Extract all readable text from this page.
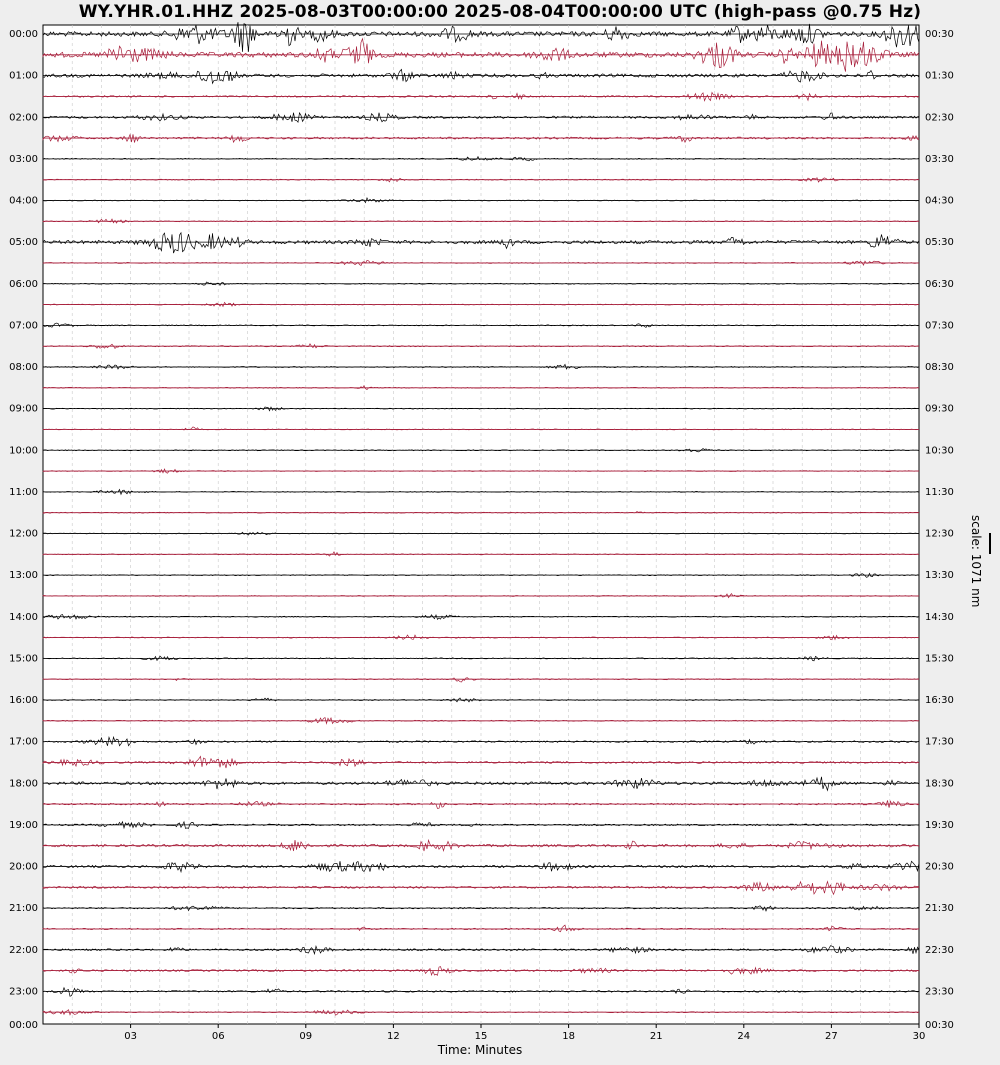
WY.YHR.01.HHZ 2025-08-03T00:00:00 2025-08-04T00:00:00 UTC (high-pass @0.75 Hz)
00:00
01:00
02:00
03:00
04:00
05:00
06:00
07:00
08:00
09:00
10:00
11:00
12:00
13:00
14:00
15:00
16:00
17:00
18:00
19:00
20:00
21:00
22:00
23:00
00:00
00:30
01:30
02:30
03:30
04:30
05:30
06:30
07:30
08:30
09:30
10:30
11:30
12:30
13:30
14:30
15:30
16:30
17:30
18:30
19:30
20:30
21:30
22:30
23:30
00:30
03	06	09	12	15	18	21	24	27	30
Time: Minutes
scale: 1071 nm
